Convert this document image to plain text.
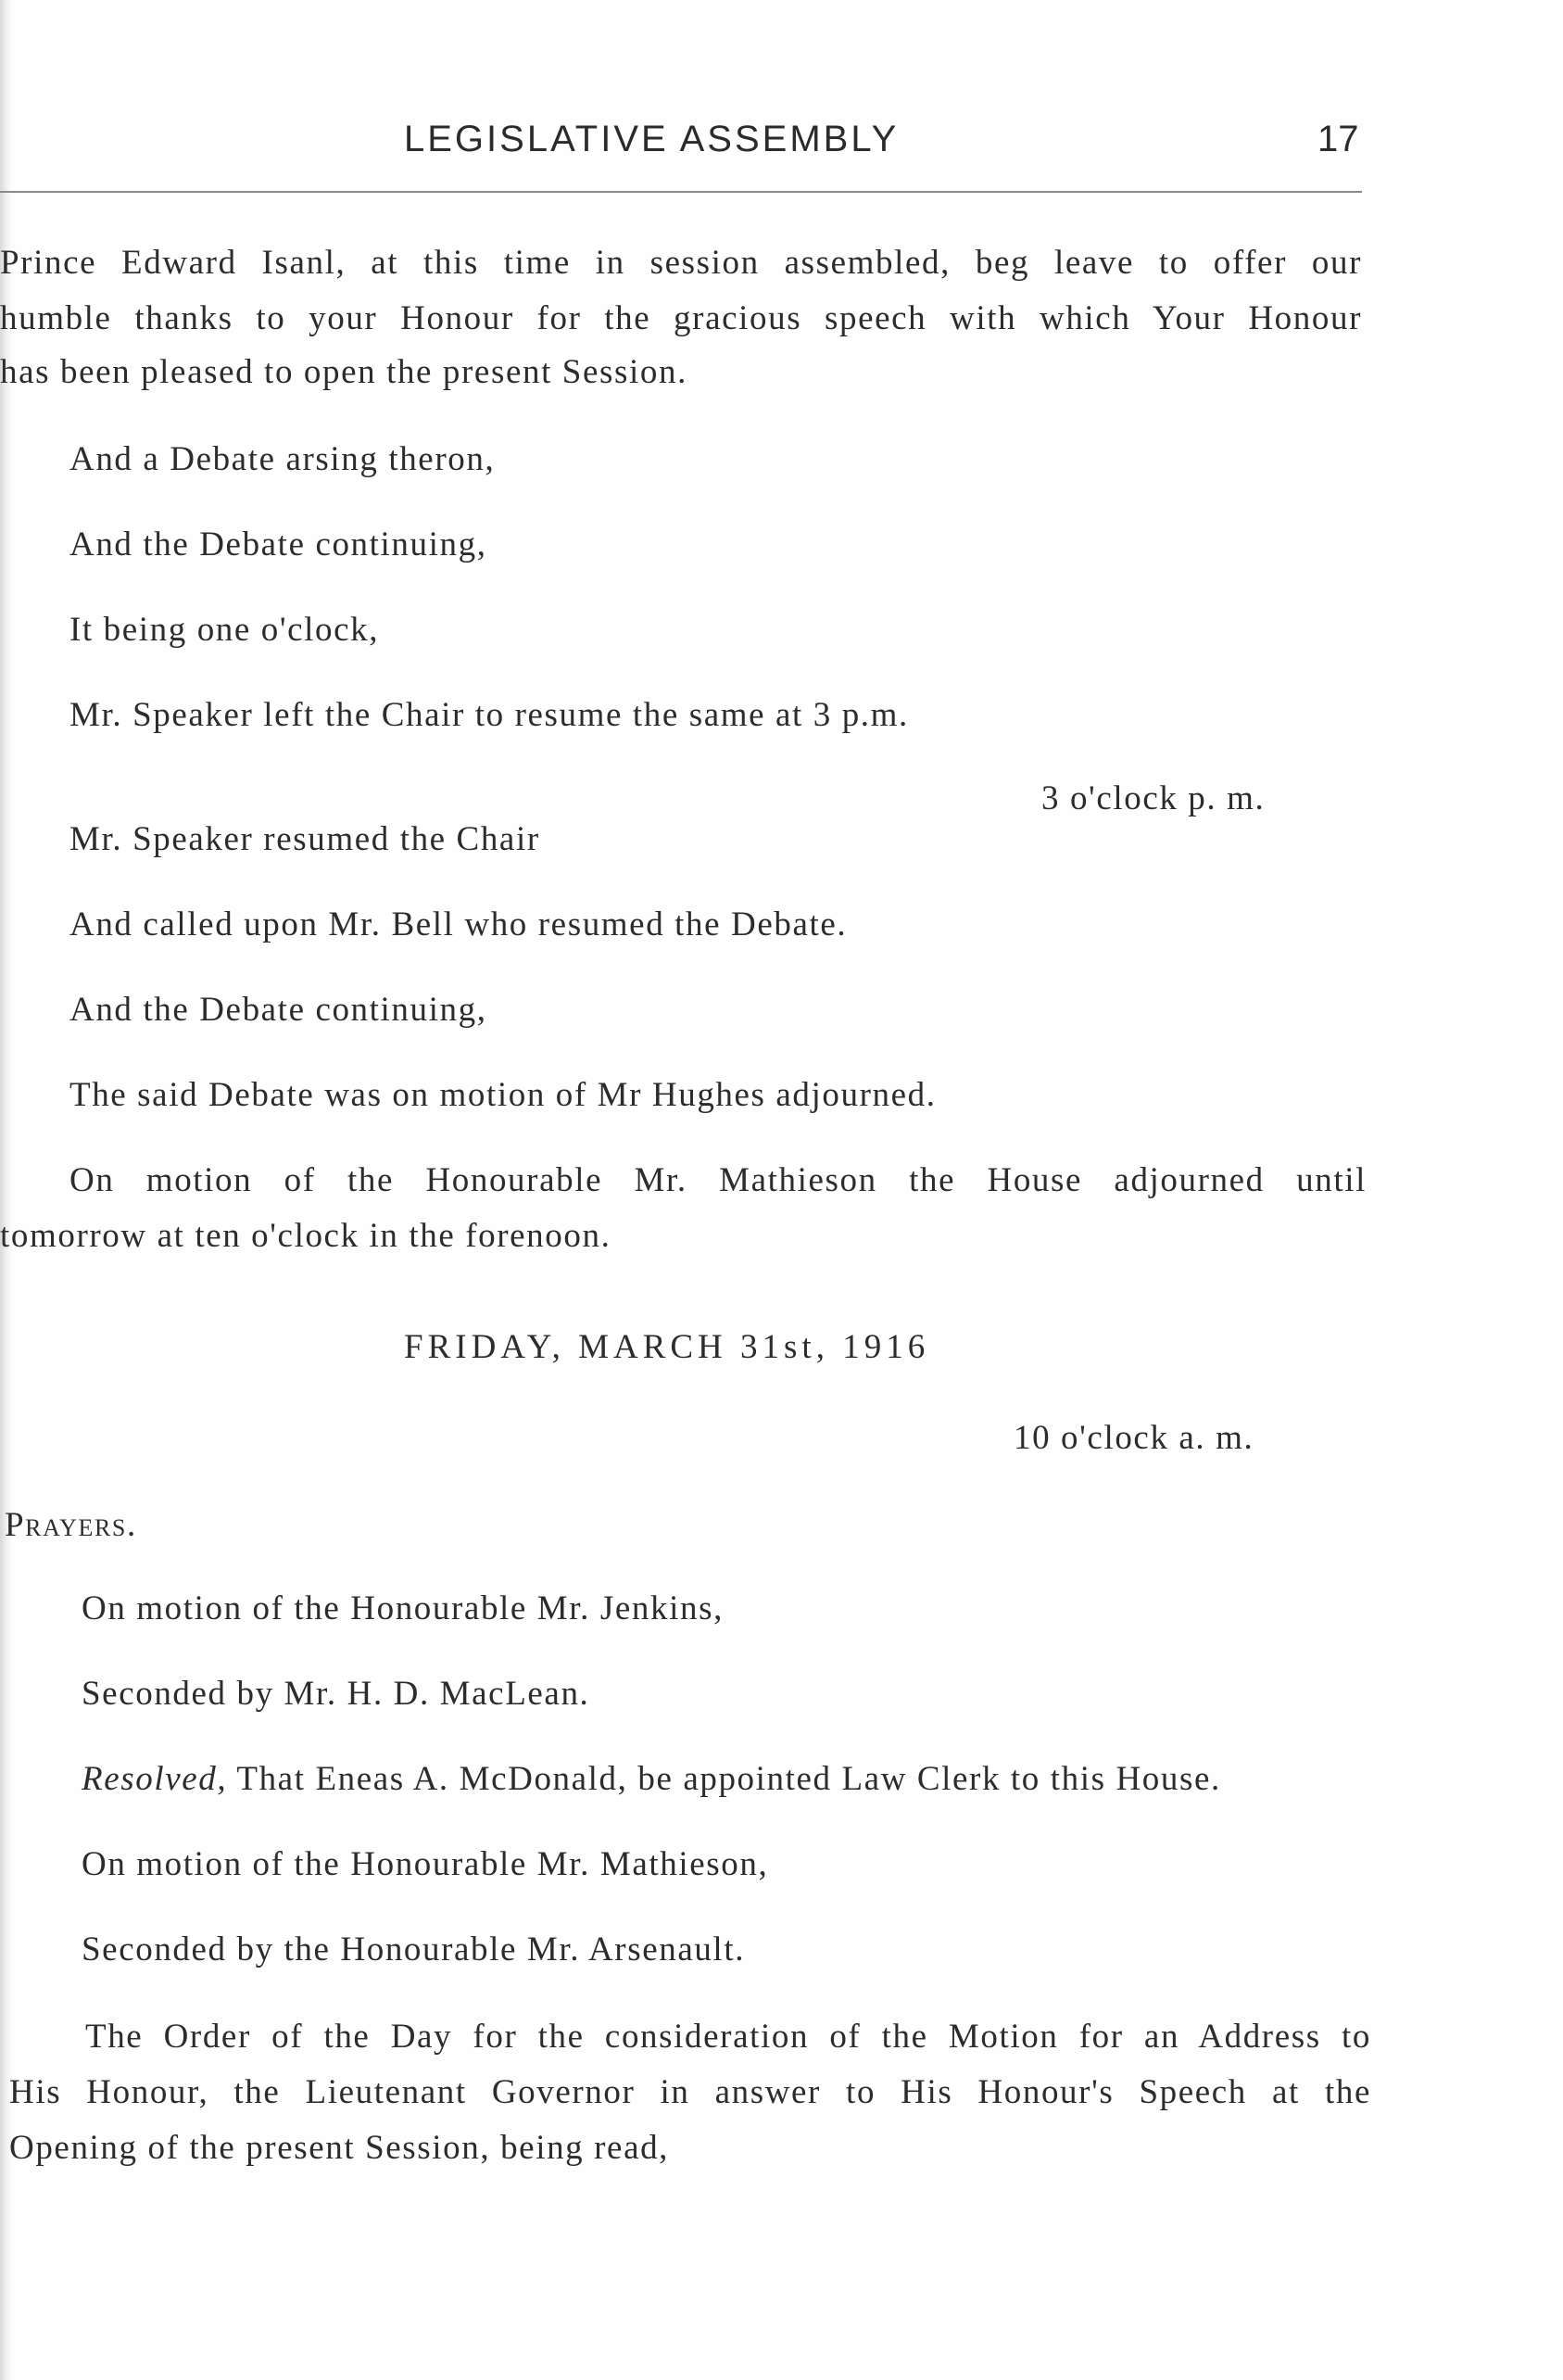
LEGISLATIVE ASSEMBLY	17
Prince Edward Isanl, at this time in session assembled, beg leave to offer our
humble thanks to your Honour for the gracious speech with which Your Honour
has been pleased to open the present Session.
And a Debate arsing theron,
And the Debate continuing,
It being one o'clock,
Mr. Speaker left the Chair to resume the same at 3 p.m.
3 o'clock p. m.
Mr. Speaker resumed the Chair
And called upon Mr. Bell who resumed the Debate.
And the Debate continuing,
The said Debate was on motion of Mr Hughes adjourned.
On motion of the Honourable Mr. Mathieson the House adjourned until
tomorrow at ten o'clock in the forenoon.
FRIDAY, MARCH 31st, 1916
10 o'clock a. m.
Prayers.
On motion of the Honourable Mr. Jenkins,
Seconded by Mr. H. D. MacLean.
Resolved, That Eneas A. McDonald, be appointed Law Clerk to this House.
On motion of the Honourable Mr. Mathieson,
Seconded by the Honourable Mr. Arsenault.
The Order of the Day for the consideration of the Motion for an Address to
His Honour, the Lieutenant Governor in answer to His Honour's Speech at the
Opening of the present Session, being read,
